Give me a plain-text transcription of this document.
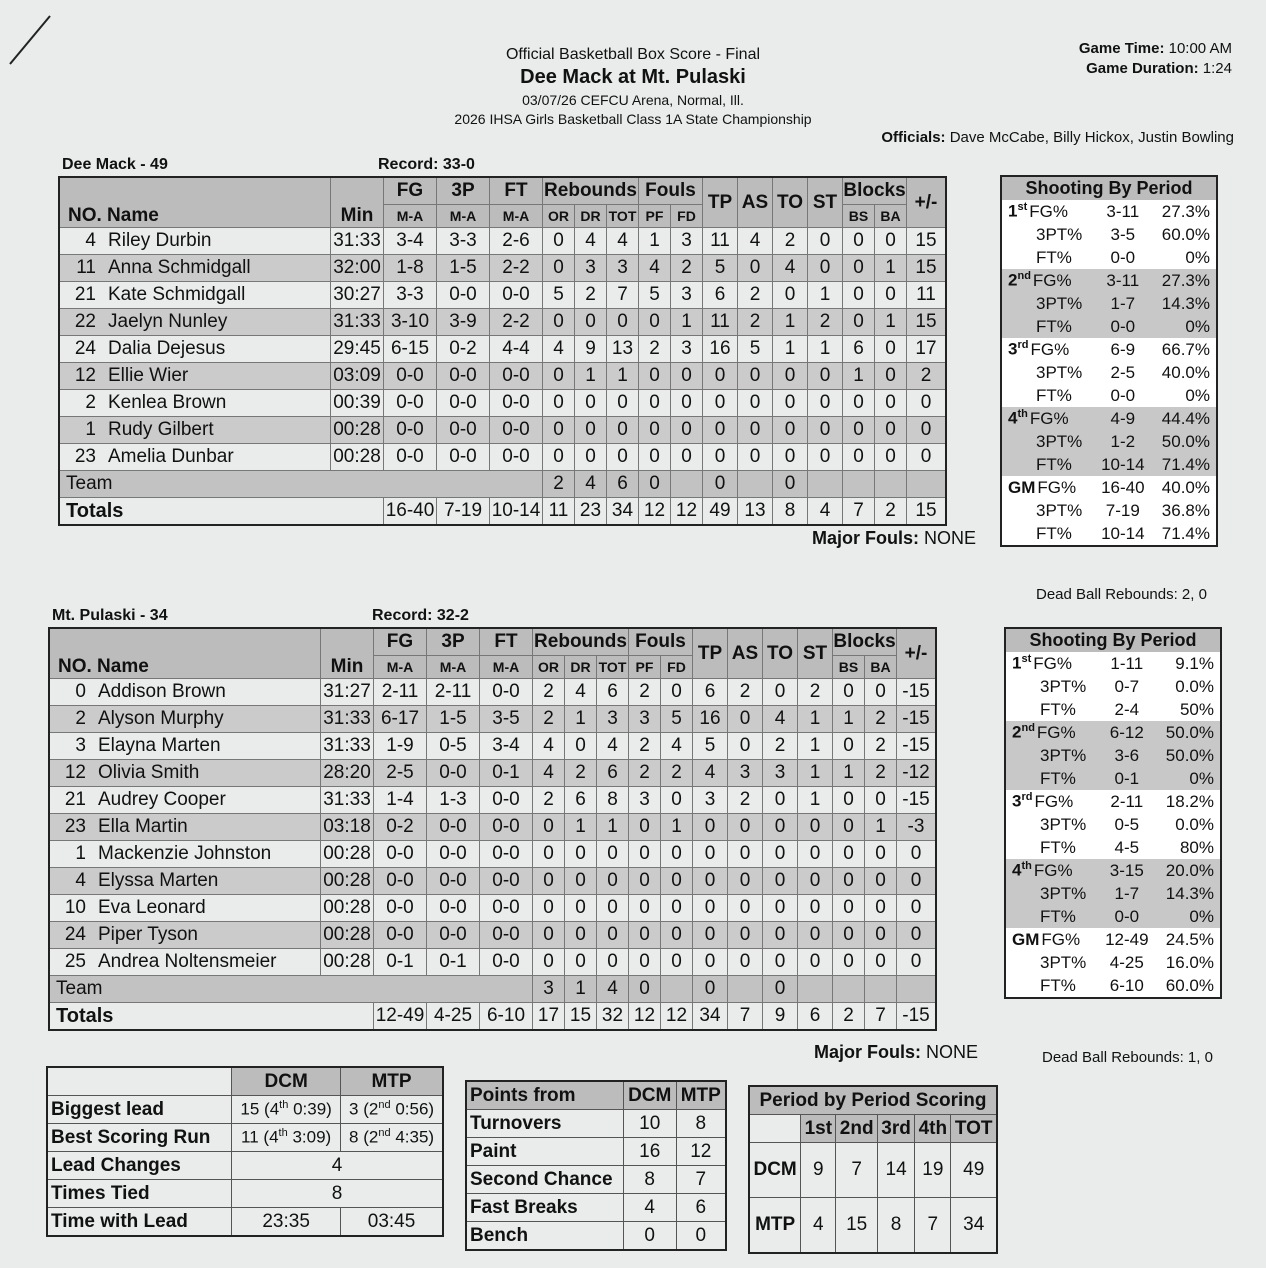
Official Basketball Box Score - Final
Dee Mack at Mt. Pulaski
03/07/26 CEFCU Arena, Normal, Ill.
2026 IHSA Girls Basketball Class 1A State Championship
Game Time: 10:00 AM
Game Duration: 1:24
Officials: Dave McCabe, Billy Hickox, Justin Bowling
Dee Mack - 49	Record: 33-0
NO. Name	Min	FG	3P	FT	Rebounds			Fouls		TP	AS	TO	ST	Blocks		+/-
		M-A	M-A	M-A	OR	DR	TOT	PF	FD					BS	BA	
4 Riley Durbin	31:33	3-4	3-3	2-6	0	4	4	1	3	11	4	2	0	0	0	15
11 Anna Schmidgall	32:00	1-8	1-5	2-2	0	3	3	4	2	5	0	4	0	0	1	15
21 Kate Schmidgall	30:27	3-3	0-0	0-0	5	2	7	5	3	6	2	0	1	0	0	11
22 Jaelyn Nunley	31:33	3-10	3-9	2-2	0	0	0	0	1	11	2	1	2	0	1	15
24 Dalia Dejesus	29:45	6-15	0-2	4-4	4	9	13	2	3	16	5	1	1	6	0	17
12 Ellie Wier	03:09	0-0	0-0	0-0	0	1	1	0	0	0	0	0	0	1	0	2
2 Kenlea Brown	00:39	0-0	0-0	0-0	0	0	0	0	0	0	0	0	0	0	0	0
1 Rudy Gilbert	00:28	0-0	0-0	0-0	0	0	0	0	0	0	0	0	0	0	0	0
23 Amelia Dunbar	00:28	0-0	0-0	0-0	0	0	0	0	0	0	0	0	0	0	0	0
Team					2	4	6	0		0		0				
Totals		16-40	7-19	10-14	11	23	34	12	12	49	13	8	4	7	2	15
Major Fouls: NONE
Shooting By Period		
1st FG%	3-11	27.3%
3PT%	3-5	60.0%
FT%	0-0	0%
2nd FG%	3-11	27.3%
3PT%	1-7	14.3%
FT%	0-0	0%
3rd FG%	6-9	66.7%
3PT%	2-5	40.0%
FT%	0-0	0%
4th FG%	4-9	44.4%
3PT%	1-2	50.0%
FT%	10-14	71.4%
GM FG%	16-40	40.0%
3PT%	7-19	36.8%
FT%	10-14	71.4%
Dead Ball Rebounds: 2, 0
Mt. Pulaski - 34	Record: 32-2
NO. Name	Min	FG	3P	FT	Rebounds			Fouls		TP	AS	TO	ST	Blocks		+/-
		M-A	M-A	M-A	OR	DR	TOT	PF	FD					BS	BA	
0 Addison Brown	31:27	2-11	2-11	0-0	2	4	6	2	0	6	2	0	2	0	0	-15
2 Alyson Murphy	31:33	6-17	1-5	3-5	2	1	3	3	5	16	0	4	1	1	2	-15
3 Elayna Marten	31:33	1-9	0-5	3-4	4	0	4	2	4	5	0	2	1	0	2	-15
12 Olivia Smith	28:20	2-5	0-0	0-1	4	2	6	2	2	4	3	3	1	1	2	-12
21 Audrey Cooper	31:33	1-4	1-3	0-0	2	6	8	3	0	3	2	0	1	0	0	-15
23 Ella Martin	03:18	0-2	0-0	0-0	0	1	1	0	1	0	0	0	0	0	1	-3
1 Mackenzie Johnston	00:28	0-0	0-0	0-0	0	0	0	0	0	0	0	0	0	0	0	0
4 Elyssa Marten	00:28	0-0	0-0	0-0	0	0	0	0	0	0	0	0	0	0	0	0
10 Eva Leonard	00:28	0-0	0-0	0-0	0	0	0	0	0	0	0	0	0	0	0	0
24 Piper Tyson	00:28	0-0	0-0	0-0	0	0	0	0	0	0	0	0	0	0	0	0
25 Andrea Noltensmeier	00:28	0-1	0-1	0-0	0	0	0	0	0	0	0	0	0	0	0	0
Team					3	1	4	0		0		0				
Totals		12-49	4-25	6-10	17	15	32	12	12	34	7	9	6	2	7	-15
Major Fouls: NONE
Shooting By Period		
1st FG%	1-11	9.1%
3PT%	0-7	0.0%
FT%	2-4	50%
2nd FG%	6-12	50.0%
3PT%	3-6	50.0%
FT%	0-1	0%
3rd FG%	2-11	18.2%
3PT%	0-5	0.0%
FT%	4-5	80%
4th FG%	3-15	20.0%
3PT%	1-7	14.3%
FT%	0-0	0%
GM FG%	12-49	24.5%
3PT%	4-25	16.0%
FT%	6-10	60.0%
Dead Ball Rebounds: 1, 0
	DCM	MTP
Biggest lead	15 (4th 0:39)	3 (2nd 0:56)
Best Scoring Run	11 (4th 3:09)	8 (2nd 4:35)
Lead Changes	4	
Times Tied	8	
Time with Lead	23:35	03:45
Points from	DCM	MTP
Turnovers	10	8
Paint	16	12
Second Chance	8	7
Fast Breaks	4	6
Bench	0	0
Period by Period Scoring					
	1st	2nd	3rd	4th	TOT
DCM	9	7	14	19	49
MTP	4	15	8	7	34
